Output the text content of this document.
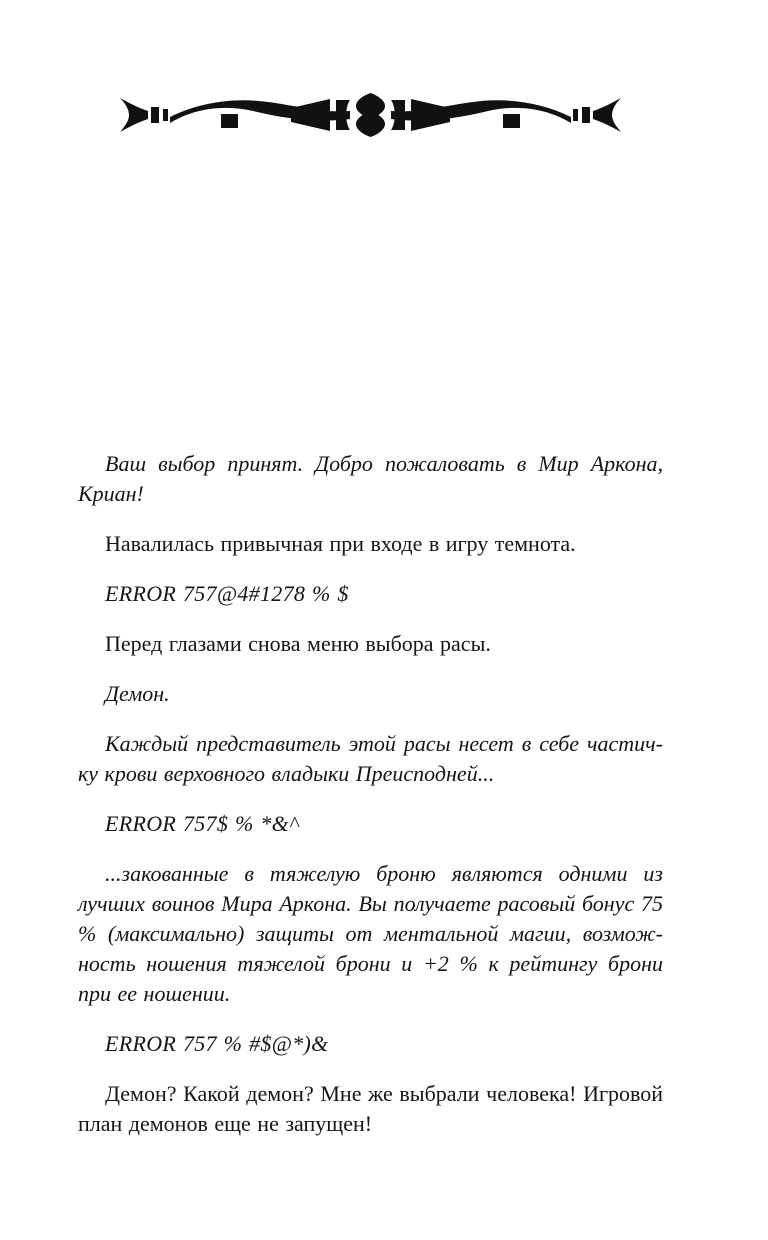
Ваш выбор принят. Добро пожаловать в Мир Аркона, Криан!

Навалилась привычная при входе в игру темнота.

ERROR 757@4#1278 % $

Перед глазами снова меню выбора расы.

Демон.

Каждый представитель этой расы несет в себе частичку крови верховного владыки Преисподней...

ERROR 757$ % *&^

...закованные в тяжелую броню являются одними из лучших воинов Мира Аркона. Вы получаете расовый бонус 75 % (максимально) защиты от ментальной магии, возможность ношения тяжелой брони и +2 % к рейтингу брони при ее ношении.

ERROR 757 % #$@*)&

Демон? Какой демон? Мне же выбрали человека! Игровой план демонов еще не запущен!
